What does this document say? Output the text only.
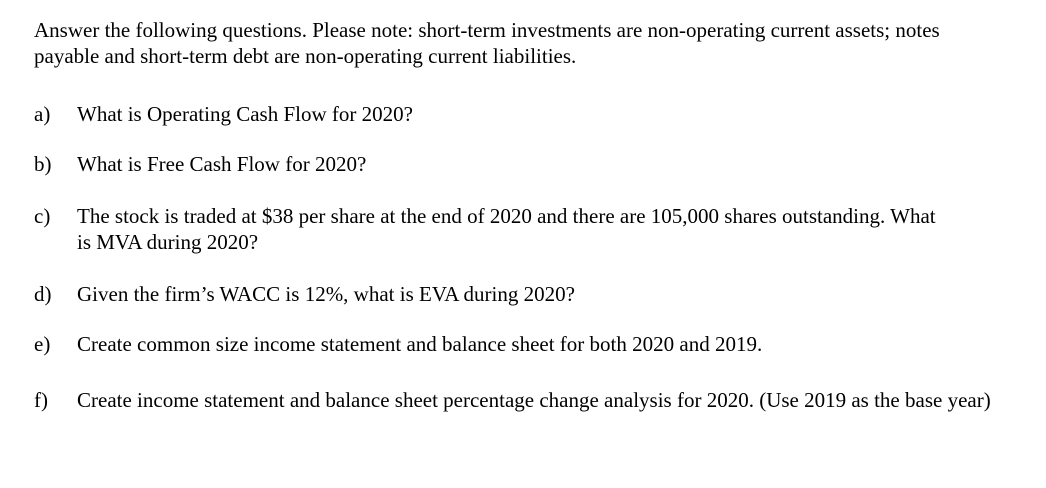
Answer the following questions. Please note: short-term investments are non-operating current assets; notes payable and short-term debt are non-operating current liabilities.

a) What is Operating Cash Flow for 2020?
b) What is Free Cash Flow for 2020?
c) The stock is traded at $38 per share at the end of 2020 and there are 105,000 shares outstanding. What is MVA during 2020?
d) Given the firm’s WACC is 12%, what is EVA during 2020?
e) Create common size income statement and balance sheet for both 2020 and 2019.
f) Create income statement and balance sheet percentage change analysis for 2020. (Use 2019 as the base year)
